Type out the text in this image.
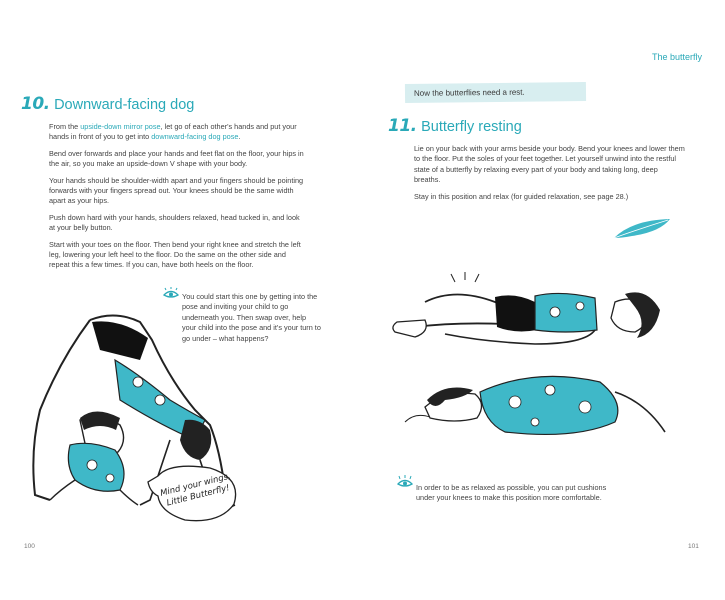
10. Downward-facing dog

From the upside-down mirror pose, let go of each other's hands and put your hands in front of you to get into downward-facing dog pose.

Bend over forwards and place your hands and feet flat on the floor, your hips in the air, so you make an upside-down V shape with your body.

Your hands should be shoulder-width apart and your fingers should be pointing forwards with your fingers spread out. Your knees should be the same width apart as your hips.

Push down hard with your hands, shoulders relaxed, head tucked in, and look at your belly button.

Start with your toes on the floor. Then bend your right knee and stretch the left leg, lowering your left heel to the floor. Do the same on the other side and repeat this a few times. If you can, have both heels on the floor.

You could start this one by getting into the pose and inviting your child to go underneath you. Then swap over, help your child into the pose and it's your turn to go under – what happens?
Mind your wings, Little Butterfly!
100
The butterfly
Now the butterflies need a rest.
11. Butterfly resting

Lie on your back with your arms beside your body. Bend your knees and lower them to the floor. Put the soles of your feet together. Let yourself unwind into the restful state of a butterfly by relaxing every part of your body and taking long, deep breaths.

Stay in this position and relax (for guided relaxation, see page 28.)

In order to be as relaxed as possible, you can put cushions under your knees to make this position more comfortable.
101
